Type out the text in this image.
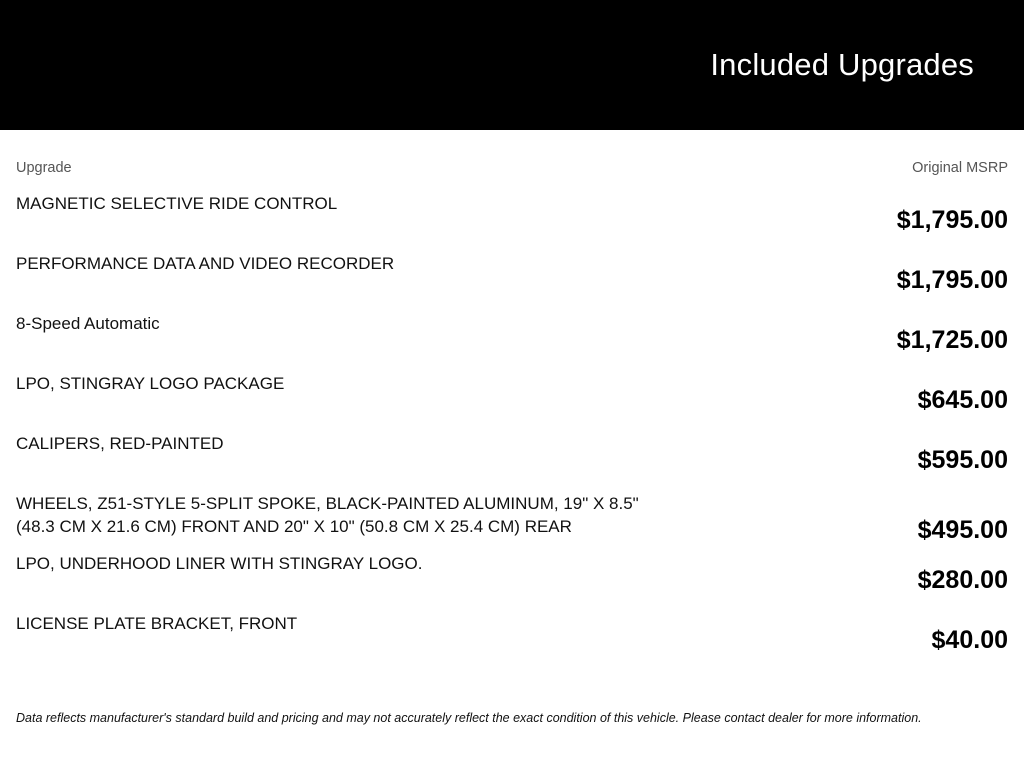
Included Upgrades
Upgrade	Original MSRP
MAGNETIC SELECTIVE RIDE CONTROL
$1,795.00
PERFORMANCE DATA AND VIDEO RECORDER
$1,795.00
8-Speed Automatic
$1,725.00
LPO, STINGRAY LOGO PACKAGE
$645.00
CALIPERS, RED-PAINTED
$595.00
WHEELS, Z51-STYLE 5-SPLIT SPOKE, BLACK-PAINTED ALUMINUM, 19" X 8.5" (48.3 CM X 21.6 CM) FRONT AND 20" X 10" (50.8 CM X 25.4 CM) REAR	$495.00
LPO, UNDERHOOD LINER WITH STINGRAY LOGO.
$280.00
LICENSE PLATE BRACKET, FRONT
$40.00
Data reflects manufacturer's standard build and pricing and may not accurately reflect the exact condition of this vehicle. Please contact dealer for more information.
